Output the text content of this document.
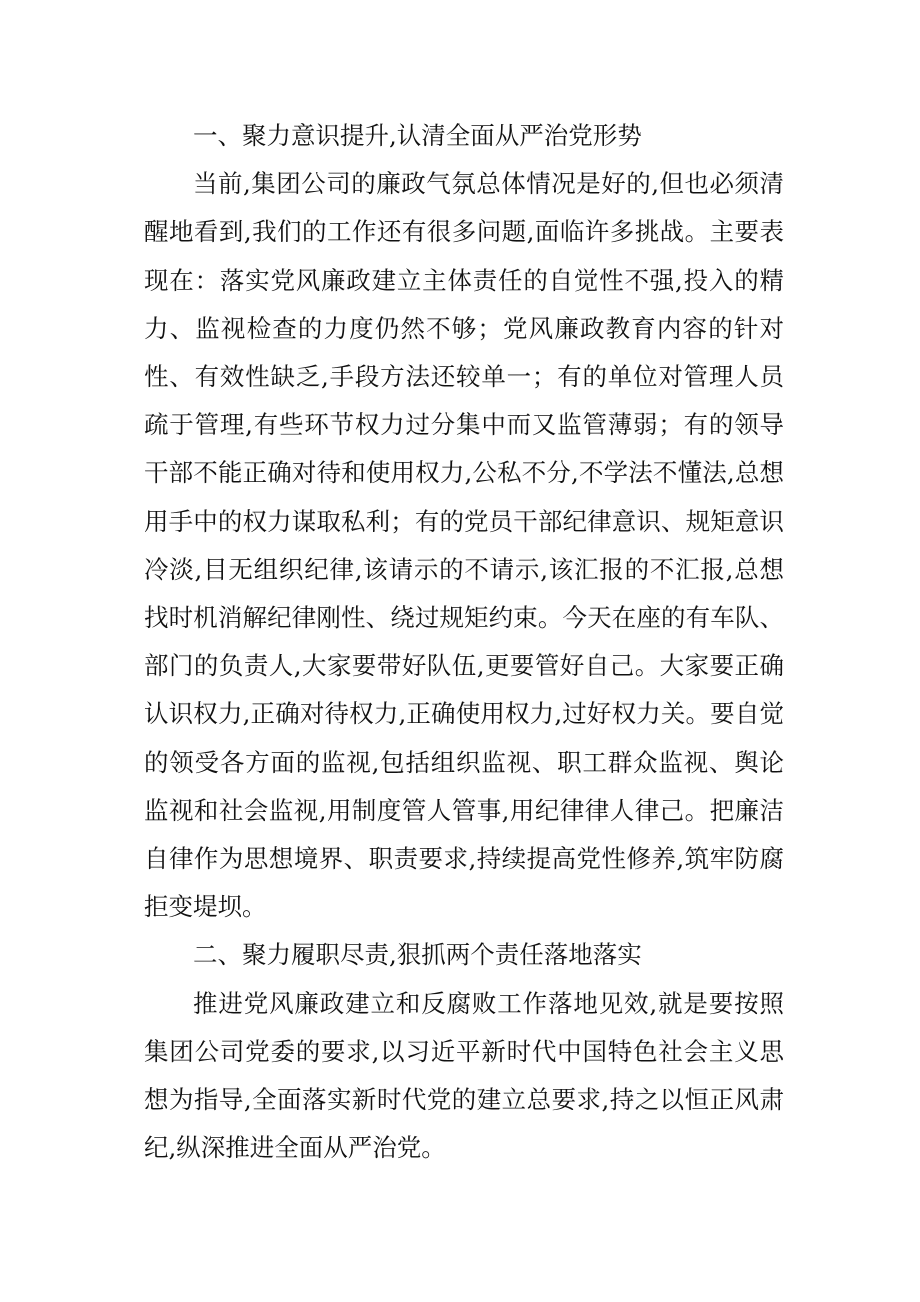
一、聚力意识提升,认清全面从严治党形势

当前,集团公司的廉政气氛总体情况是好的,但也必须清醒地看到,我们的工作还有很多问题,面临许多挑战。主要表现在：落实党风廉政建立主体责任的自觉性不强,投入的精力、监视检查的力度仍然不够；党风廉政教育内容的针对性、有效性缺乏,手段方法还较单一；有的单位对管理人员疏于管理,有些环节权力过分集中而又监管薄弱；有的领导干部不能正确对待和使用权力,公私不分,不学法不懂法,总想用手中的权力谋取私利；有的党员干部纪律意识、规矩意识冷淡,目无组织纪律,该请示的不请示,该汇报的不汇报,总想找时机消解纪律刚性、绕过规矩约束。今天在座的有车队、部门的负责人,大家要带好队伍,更要管好自己。大家要正确认识权力,正确对待权力,正确使用权力,过好权力关。要自觉的领受各方面的监视,包括组织监视、职工群众监视、舆论监视和社会监视,用制度管人管事,用纪律律人律己。把廉洁自律作为思想境界、职责要求,持续提高党性修养,筑牢防腐拒变堤坝。

二、聚力履职尽责,狠抓两个责任落地落实

推进党风廉政建立和反腐败工作落地见效,就是要按照集团公司党委的要求,以习近平新时代中国特色社会主义思想为指导,全面落实新时代党的建立总要求,持之以恒正风肃纪,纵深推进全面从严治党。
